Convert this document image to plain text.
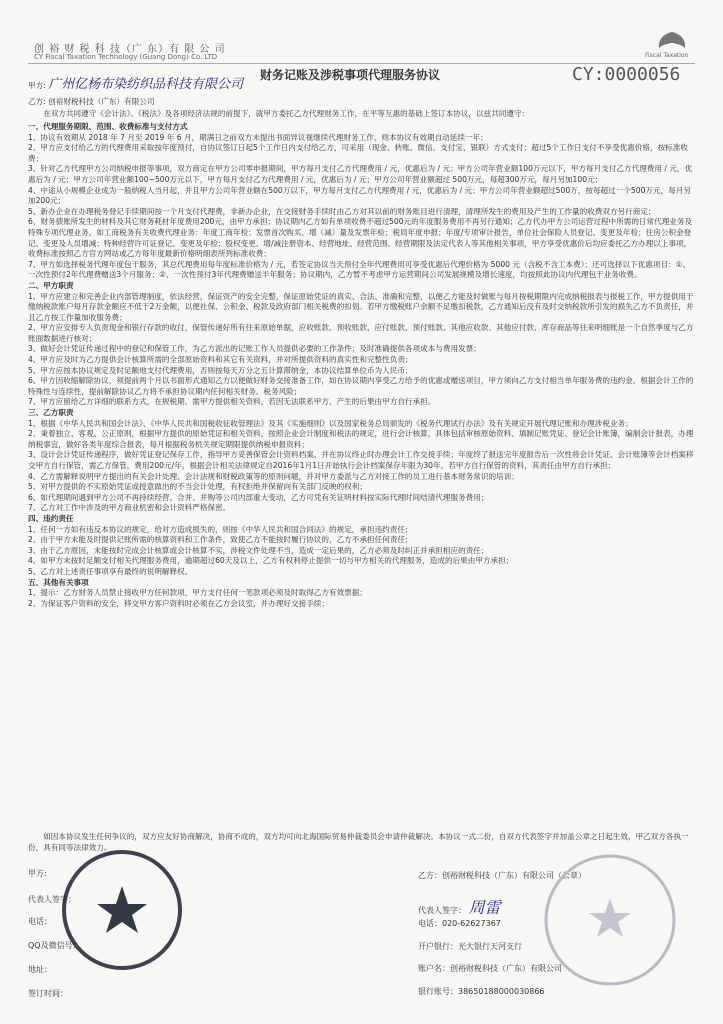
创 裕 财 税 科 技（广 东）有 限 公 司
CY Fiscal Taxation Technology (Guang Dong) Co. LTD	Fiscal Taxation
财务记账及涉税事项代理服务协议	CY:0000056
甲方: 广州亿杨布染纺织品科技有限公司
乙方: 创裕财税科技（广东）有限公司
在双方共同遵守《会计法》、《税法》及各项经济法规的前提下，就甲方委托乙方代理财务工作，在平等互惠的基础上签订本协议，以兹共同遵守：

一、代理服务期限、范围、收费标准与支付方式

1、协议有效期从 2018 年 7 月至 2019 年 6 月，期满日之前双方未提出书面异议视继续代理财务工作，则本协议有效期自动延续一年；

2、甲方应支付给乙方的代理费用采取按年度预付，自协议签订日起5个工作日内支付给乙方，可采用（现金、转账、微信、支付宝、银联）方式支付；超过5个工作日支付不享受优惠价格，按标准收费；

3、针对乙方代理甲方公司纳税申报等事项，双方商定在甲方公司零申报期间，甲方每月支付乙方代理费用 / 元，优惠后为 / 元；甲方公司年营业额100万元以下，甲方每月支付乙方代理费用 / 元，优惠后为 / 元；甲方公司年营业额100~500万元以下，甲方每月支付乙方代理费用 / 元，优惠后为 / 元；甲方公司年营业额超过 500万元，每超300万元，每月另加100元；

4、中途从小规模企业成为一般纳税人当月起，并且甲方公司年营业额在500万以下，甲方每月支付乙方代理费用 / 元，优惠后为 / 元；甲方公司年营业额超过500万，按每超过一个500万元，每月另加200元；

5、新办企业在办理税务登记手续期间按一个月支付代理费，非新办企业，在交接财务手续时由乙方对其以前的财务账目进行清理，清理所发生的费用及产生的工作量的收费双方另行商定；

6、财务债账所发生的材料及其它财务耗材年度费用200元，由甲方承担；协议期内乙方如有单项收费不超过500元的年度服务费用不再另行通知；乙方代办甲方公司运营过程中所需的日常代理业务及特殊专项代理业务，如工商税务有关收费代理业务：年度工商年检；发票首次购买、增（减）量及发票年检；税局年度申报；年度/专项审计报告，单位社会保险人员登记、变更及年检；住房公积金登记、变更及人员增减；特种经营许可证登记、变更及年检；股权变更、增/减注册资本、经营地址、经营范围、经营期限及法定代表人等其他相关事项，甲方享受优惠价后均应委托乙方办理以上事项，收费标准按照乙方官方网站或乙方每年度最新价格明细表所列标准收费；

7、甲方如选择税务代理年度包干服务，其总代理费用每年度标准价格为 / 元，若签定协议当天预付全年代理费用可享受优惠后代理价格为 5000 元（含税不含工本费）；还可选择以下优惠项目：①、一次性预付2年代理费赠送3个月服务；②、一次性预付3年代理费赠送半年服务；协议期内，乙方暂不考虑甲方运营期间公司发展规模及增长速度，均按照此协议内代理包干业务收费。

二、甲方职责

1、甲方应建立和完善企业内部管理制度，依法经营，保证资产的安全完整，保证原始凭证的真实、合法、准确和完整，以便乙方能及时做账与每月按税期限内完成纳税报表与报税工作，甲方提供用于缴纳税款账户每月存款金额应不低于2万金额，以便社保、公积金、税款及政府部门相关税费的扣划。若甲方缴税账户余额不足缴扣税款，乙方通知后没有及时交纳税款所引发的损失乙方不负责任，并且乙方按工作量加收服务费；

2、甲方应安排专人负责现金和银行存款的收付，保管传递好所有往来原始单据，应收账款、预收账款、应付账款、预付账款、其他应收款、其他应付款、库存商品等往来明细账是一个自然季度与乙方账面数据进行核对；

3、做好会计凭证传递过程中的登记和保管工作，为乙方派出的记账工作人员提供必要的工作条件；及时准确提供各项成本与费用发票；

4、甲方应及时为乙方提供会计核算所需的全部原始资料和其它有关资料，并对所提供资料的真实性和完整性负责；

5、甲方应按本协议规定及时足额地支付代理费用，否则按每天万分之五计算滞纳金，本协议结算单位币为人民币；

6、甲方因收缩解除协议，须提前两个月以书面形式通知乙方以便做好财务交接准备工作，如在协议期内享受乙方给予的优惠或赠送项目，甲方须向乙方支付相当单年服务费的违约金。根据会计工作的特殊性与连续性，提前解除协议乙方将不承担协议期内任何相关财务、税务风险；

7、甲方应留给乙方详细的联系方式，在规税期、需甲方提供相关资料，若因无法联系甲方，产生的后果由甲方自行承担。

三、乙方职责

1、根据《中华人民共和国会计法》、《中华人民共和国税收征收管理法》及其《实施细则》以及国家税务总局颁发的《税务代理试行办法》及有关规定开展代理记账和办理涉税业务；

2、秉着独立、客观、公正原则，根据甲方提供的原始凭证和相关资料，按照企业会计制度和税法的规定，进行会计核算，具体包括审核原始资料、填制记账凭证、登记会计账簿，编制会计报表，办理纳税事宜，做好各类年度综合报表，每月根据税务机关规定期限提供纳税申报资料；

3、设计会计凭证传递程序，做好凭证登记保存工作，指导甲方妥善保管会计资料档案，并在协议终止时办理会计工作交接手续；年度终了报送完年度报告后一次性将会计凭证、会计账簿等会计档案移交甲方自行保管，需乙方保管，费用200元/年，根据会计相关法律规定自2016年1月1日开始执行会计档案保存年限为30年。若甲方自行保管的资料，其责任由甲方自行承担；

4、乙方需解释说明甲方提出的有关会计处理、会计法规和财税政策等的原则问题，并对甲方委派与乙方对接工作的员工进行基本财务常识的培训；

5、对甲方提供的不实原始凭证或授意做出的不当会计处理，有权拒绝并保留向有关部门反映的权利；

6、如代理期间遇到甲方公司不再持续经营、合并、并购等公司内部重大变动，乙方可凭有关证明材料按实际代理时间结清代理服务费用；

7、乙方对工作中涉及的甲方商业机密和会计资料严格保密。

四、违约责任

1、任何一方如有违反本协议的规定，给对方造成损失的，则按《中华人民共和国合同法》的规定，承担违约责任；

2、由于甲方未能及时提供记账所需的核算资料和工作条件，致使乙方不能按时履行协议的，乙方不承担任何责任；

3、由于乙方原因，未能按时完成会计核算或会计核算不实，涉税文件处理不当，造成一定后果的，乙方必须及时纠正并承担相应的责任；

4、如甲方未按时足额支付相关代理服务费用，逾期超过60天及以上，乙方有权利停止提供一切与甲方相关的代理服务，造成的后果由甲方承担；

5、乙方对上述责任事项享有最终的说明解释权。

五、其他有关事项

1、提示：乙方财务人员禁止接收甲方任何款项，甲方支付任何一笔款项必须及时取得乙方有效票据；

2、为保证客户资料的安全，移交甲方客户资料时必须在乙方会议室，并办理好交接手续；

如因本协议发生任何争议的，双方应友好协商解决，协商不成的，双方均可向北海国际贸易仲裁委员会申请仲裁解决。本协议一式二份，自双方代表签字并加盖公章之日起生效，甲乙双方各执一份，具有同等法律效力。
甲方:
代表人签字：
电话：
QQ及微信号：
地址：
签订时间：
乙方：创裕财税科技（广东）有限公司（公章）
代表人签字： 周雷
电话：020-62627367
开户银行：光大银行天河支行
账户名：创裕财税科技（广东）有限公司
银行账号：38650188000030866
